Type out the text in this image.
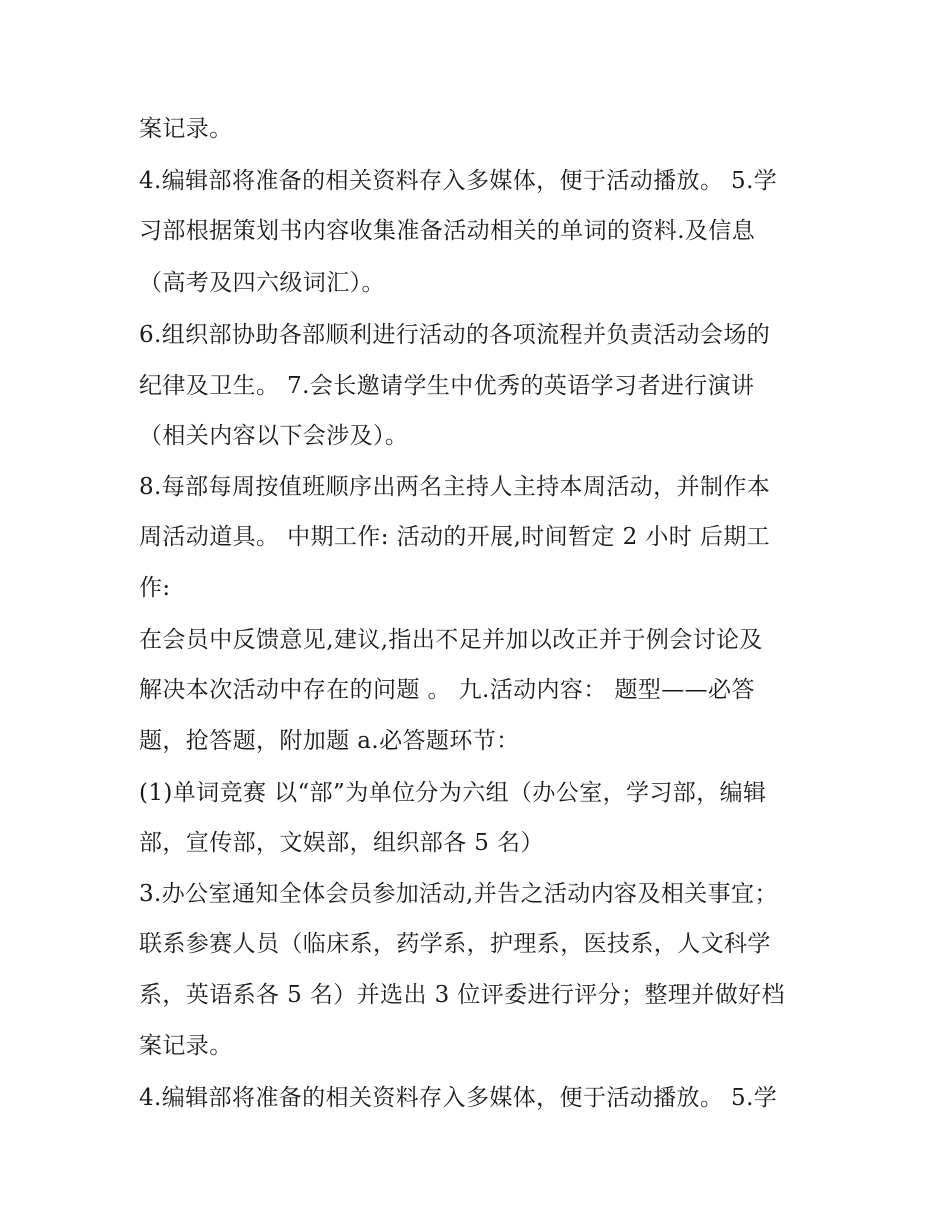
案记录。

4.编辑部将准备的相关资料存入多媒体，便于活动播放。 5.学

习部根据策划书内容收集准备活动相关的单词的资料.及信息

（高考及四六级词汇）。

6.组织部协助各部顺利进行活动的各项流程并负责活动会场的

纪律及卫生。 7.会长邀请学生中优秀的英语学习者进行演讲

（相关内容以下会涉及）。

8.每部每周按值班顺序出两名主持人主持本周活动，并制作本

周活动道具。 中期工作: 活动的开展,时间暂定 2 小时 后期工

作:

在会员中反馈意见,建议,指出不足并加以改正并于例会讨论及

解决本次活动中存在的问题 。 九.活动内容： 题型——必答

题，抢答题，附加题 a.必答题环节：

(1)单词竞赛 以“部”为单位分为六组（办公室，学习部，编辑

部，宣传部，文娱部，组织部各 5 名）

3.办公室通知全体会员参加活动,并告之活动内容及相关事宜；

联系参赛人员（临床系，药学系，护理系，医技系，人文科学

系，英语系各 5 名）并选出 3 位评委进行评分；整理并做好档

案记录。

4.编辑部将准备的相关资料存入多媒体，便于活动播放。 5.学
